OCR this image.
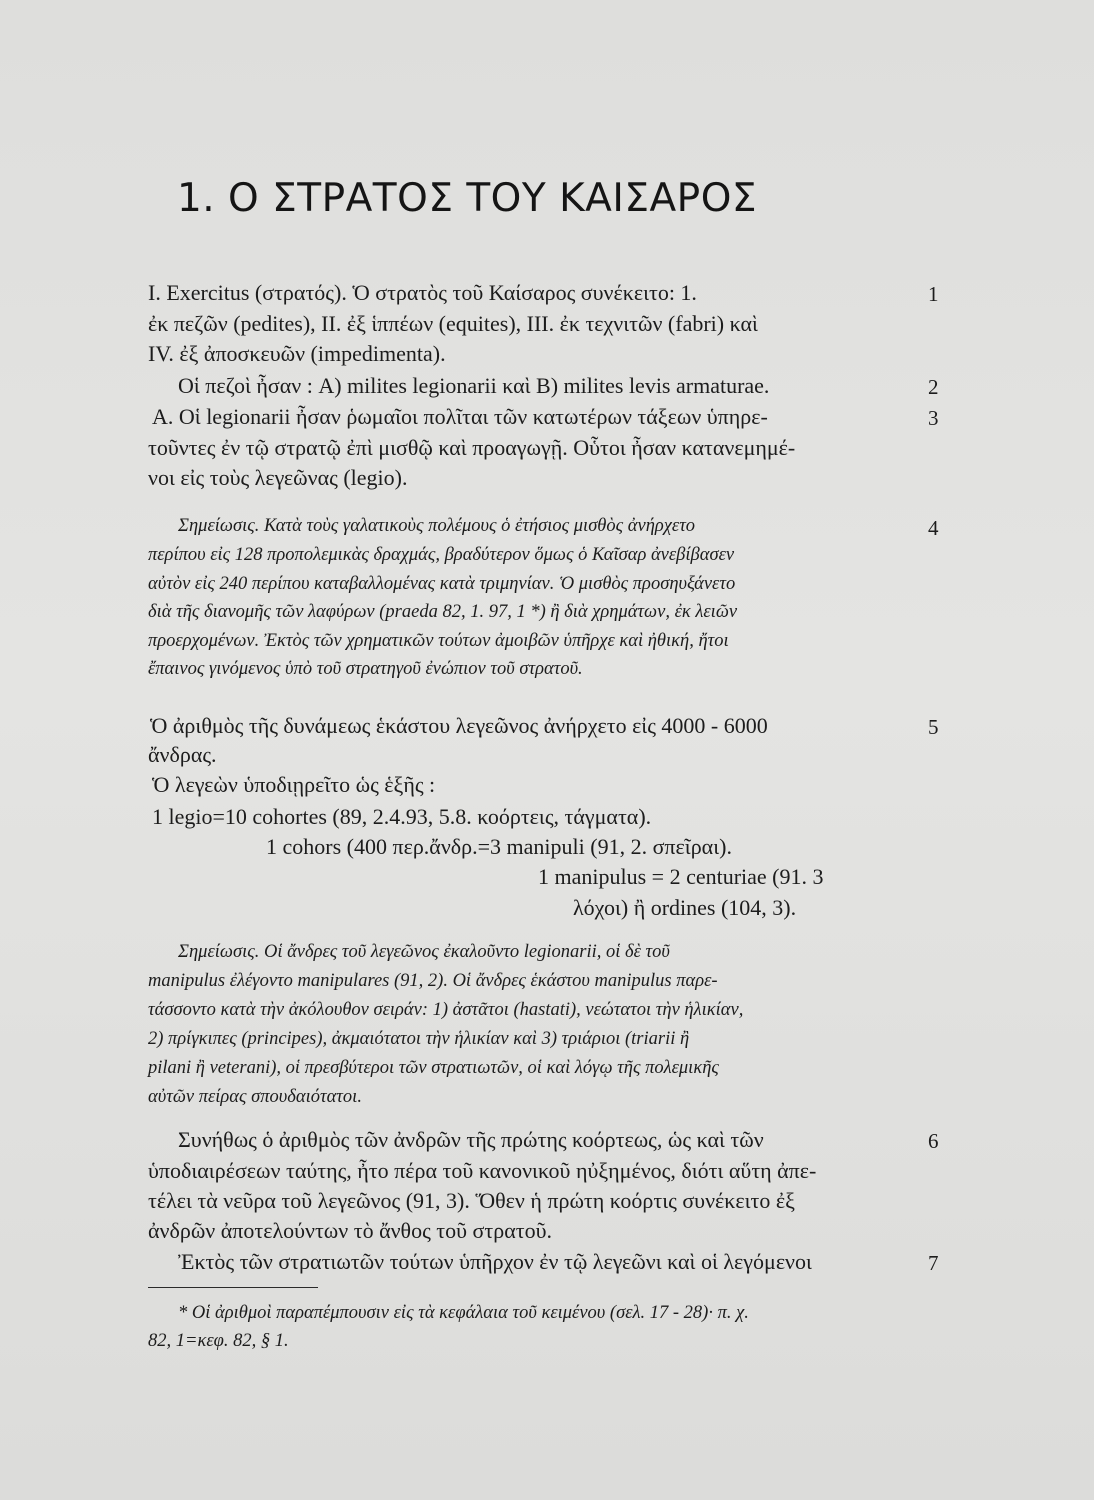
1. Ο ΣΤΡΑΤΟΣ ΤΟΥ ΚΑΙΣΑΡΟΣ
I. Exercitus (στρατός). Ὁ στρατὸς τοῦ Καίσαρος συνέκειτο: 1.
ἐκ πεζῶν (pedites), II. ἐξ ἱππέων (equites), III. ἐκ τεχνιτῶν (fabri) καὶ
IV. ἐξ ἀποσκευῶν (impedimenta).
Οἱ πεζοὶ ἦσαν : A) milites legionarii καὶ B) milites levis armaturae.
A. Οἱ legionarii ἦσαν ῥωμαῖοι πολῖται τῶν κατωτέρων τάξεων ὑπηρε-
τοῦντες ἐν τῷ στρατῷ ἐπὶ μισθῷ καὶ προαγωγῇ. Οὗτοι ἦσαν κατανεμημέ-
νοι εἰς τοὺς λεγεῶνας (legio).
Σημείωσις. Κατὰ τοὺς γαλατικοὺς πολέμους ὁ ἐτήσιος μισθὸς ἀνήρχετο
περίπου εἰς 128 προπολεμικὰς δραχμάς, βραδύτερον ὅμως ὁ Καῖσαρ ἀνεβίβασεν
αὐτὸν εἰς 240 περίπου καταβαλλομένας κατὰ τριμηνίαν. Ὁ μισθὸς προσηυξάνετο
διὰ τῆς διανομῆς τῶν λαφύρων (praeda 82, 1. 97, 1 *) ἢ διὰ χρημάτων, ἐκ λειῶν
προερχομένων. Ἐκτὸς τῶν χρηματικῶν τούτων ἀμοιβῶν ὑπῆρχε καὶ ἠθική, ἤτοι
ἔπαινος γινόμενος ὑπὸ τοῦ στρατηγοῦ ἐνώπιον τοῦ στρατοῦ.
Ὁ ἀριθμὸς τῆς δυνάμεως ἑκάστου λεγεῶνος ἀνήρχετο εἰς 4000 - 6000
ἄνδρας.
Ὁ λεγεὼν ὑποδιῃρεῖτο ὡς ἑξῆς :
1 legio=10 cohortes (89, 2.4.93, 5.8. κοόρτεις, τάγματα).
1 cohors (400 περ.ἄνδρ.=3 manipuli (91, 2. σπεῖραι).
1 manipulus = 2 centuriae (91. 3
λόχοι) ἢ ordines (104, 3).
Σημείωσις. Οἱ ἄνδρες τοῦ λεγεῶνος ἐκαλοῦντο legionarii, οἱ δὲ τοῦ
manipulus ἐλέγοντο manipulares (91, 2). Οἱ ἄνδρες ἑκάστου manipulus παρε-
τάσσοντο κατὰ τὴν ἀκόλουθον σειράν: 1) ἀστᾶτοι (hastati), νεώτατοι τὴν ἡλικίαν,
2) πρίγκιπες (principes), ἀκμαιότατοι τὴν ἡλικίαν καὶ 3) τριάριοι (triarii ἢ
pilani ἢ veterani), οἱ πρεσβύτεροι τῶν στρατιωτῶν, οἱ καὶ λόγῳ τῆς πολεμικῆς
αὐτῶν πείρας σπουδαιότατοι.
Συνήθως ὁ ἀριθμὸς τῶν ἀνδρῶν τῆς πρώτης κοόρτεως, ὡς καὶ τῶν
ὑποδιαιρέσεων ταύτης, ἦτο πέρα τοῦ κανονικοῦ ηὐξημένος, διότι αὕτη ἀπε-
τέλει τὰ νεῦρα τοῦ λεγεῶνος (91, 3). Ὅθεν ἡ πρώτη κοόρτις συνέκειτο ἐξ
ἀνδρῶν ἀποτελούντων τὸ ἄνθος τοῦ στρατοῦ.
Ἐκτὸς τῶν στρατιωτῶν τούτων ὑπῆρχον ἐν τῷ λεγεῶνι καὶ οἱ λεγόμενοι
* Οἱ ἀριθμοὶ παραπέμπουσιν εἰς τὰ κεφάλαια τοῦ κειμένου (σελ. 17 - 28)· π. χ.
82, 1=κεφ. 82, § 1.
1
2
3
4
5
6
7
